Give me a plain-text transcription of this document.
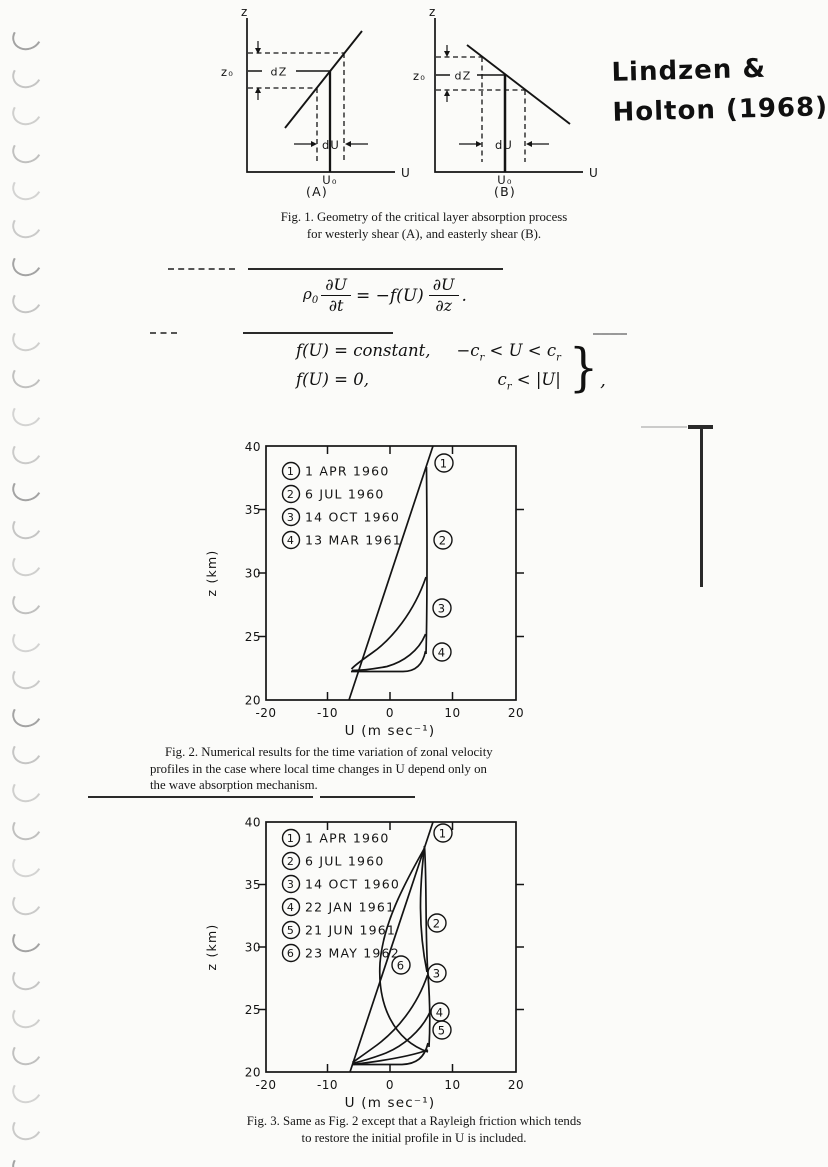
Lindzen &
Holton (1968)
z
U
z₀	dZ
U₀
dU
(A)
z
U
z₀	dZ
U₀
dU
(B)
Fig. 1. Geometry of the critical layer absorption process
for westerly shear (A), and easterly shear (B).
$\rho_0 \frac{\partial U}{\partial t} = -f(U) \frac{\partial U}{\partial z}$ .
f(U) = constant, $-c_r < U < c_r$
f(U) = 0,	$c_r < |U|$ } ,
40
35
30
25
20
-20	-10	0	10	20
z (km)
U (m sec⁻¹)
1 1 APR 1960
2 6 JUL 1960
3 14 OCT 1960
4 13 MAR 1961
1
2
3
4
Fig. 2. Numerical results for the time variation of zonal velocity
profiles in the case where local time changes in U depend only on
the wave absorption mechanism.
40
35
30
25
20
-20	-10	0	10	20
z (km)
U (m sec⁻¹)
1 1 APR 1960
2 6 JUL 1960
3 14 OCT 1960
4 22 JAN 1961
5 21 JUN 1961
6 23 MAY 1962
1
2
6
3
4
5
Fig. 3. Same as Fig. 2 except that a Rayleigh friction which tends
to restore the initial profile in U is included.
